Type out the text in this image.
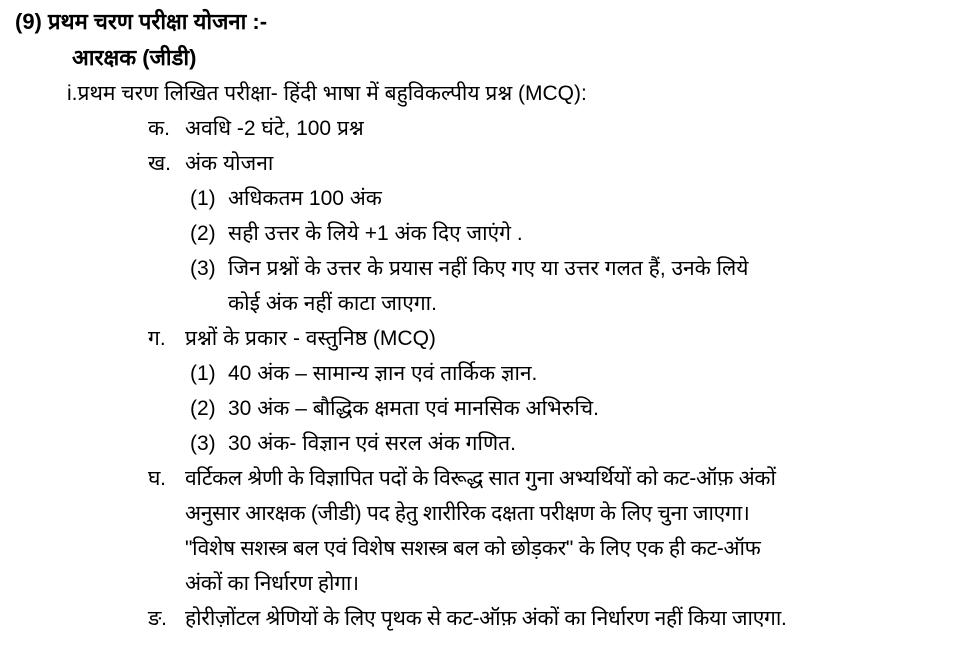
(9) प्रथम चरण परीक्षा योजना :-
आरक्षक (जीडी)
i.प्रथम चरण लिखित परीक्षा- हिंदी भाषा में बहुविकल्पीय प्रश्न (MCQ):
क. अवधि -2 घंटे, 100 प्रश्न
ख. अंक योजना
(1) अधिकतम 100 अंक
(2) सही उत्तर के लिये +1 अंक दिए जाएंगे .
(3) जिन प्रश्नों के उत्तर के प्रयास नहीं किए गए या उत्तर गलत हैं, उनके लिये
कोई अंक नहीं काटा जाएगा.
ग. प्रश्नों के प्रकार - वस्तुनिष्ठ (MCQ)
(1) 40 अंक – सामान्य ज्ञान एवं तार्किक ज्ञान.
(2) 30 अंक – बौद्धिक क्षमता एवं मानसिक अभिरुचि.
(3) 30 अंक- विज्ञान एवं सरल अंक गणित.
घ. वर्टिकल श्रेणी के विज्ञापित पदों के विरूद्ध सात गुना अभ्यर्थियों को कट-ऑफ़ अंकों
अनुसार आरक्षक (जीडी) पद हेतु शारीरिक दक्षता परीक्षण के लिए चुना जाएगा।
"विशेष सशस्त्र बल एवं विशेष सशस्त्र बल को छोड़कर" के लिए एक ही कट-ऑफ
अंकों का निर्धारण होगा।
ङ. होरीज़ोंटल श्रेणियों के लिए पृथक से कट-ऑफ़ अंकों का निर्धारण नहीं किया जाएगा.
